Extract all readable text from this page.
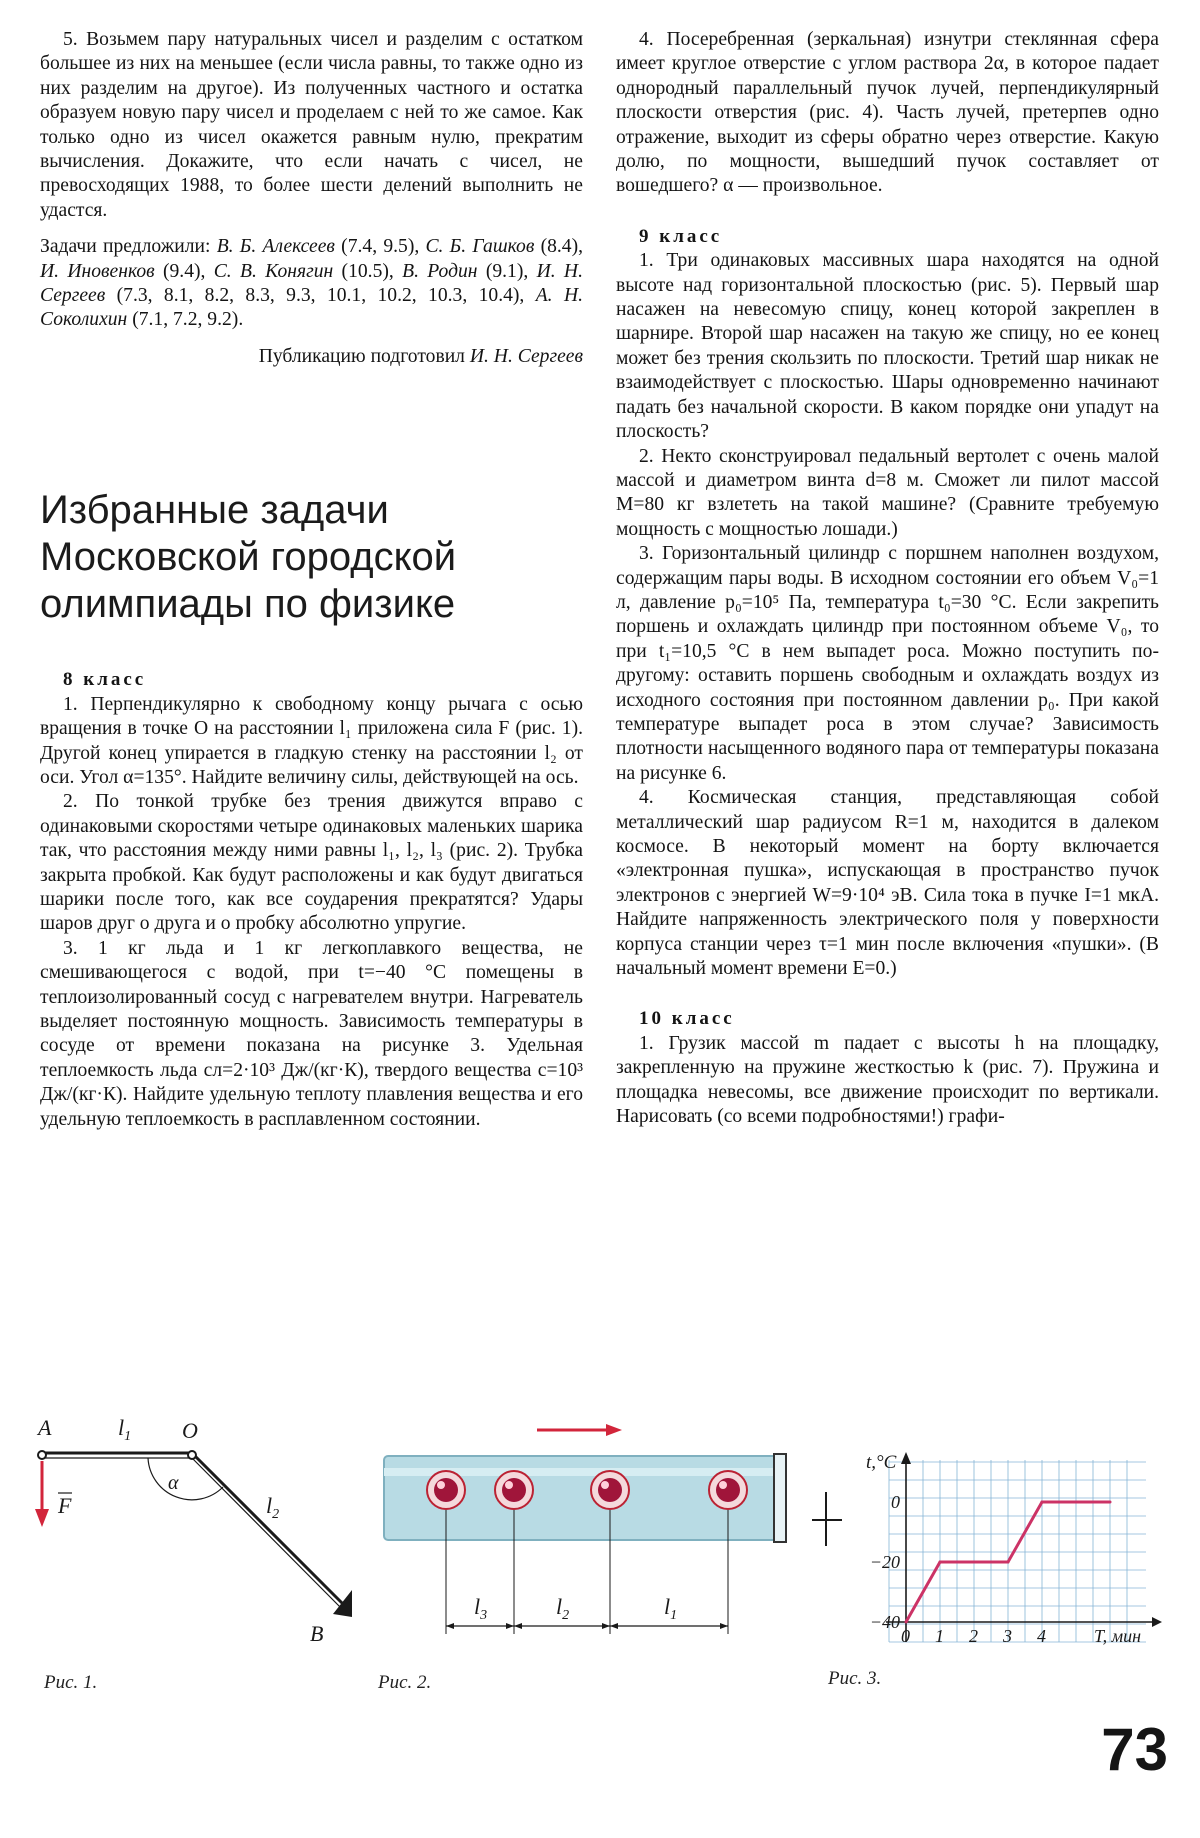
5. Возьмем пару натуральных чисел и разделим с остатком большее из них на меньшее (если числа равны, то также одно из них разделим на другое). Из полученных частного и остатка образуем новую пару чисел и проделаем с ней то же самое. Как только одно из чисел окажется равным нулю, прекратим вычисления. Докажите, что если начать с чисел, не превосходящих 1988, то более шести делений выполнить не удастся.

Задачи предложили: В. Б. Алексеев (7.4, 9.5), С. Б. Гашков (8.4), И. Иновенков (9.4), С. В. Конягин (10.5), В. Родин (9.1), И. Н. Сергеев (7.3, 8.1, 8.2, 8.3, 9.3, 10.1, 10.2, 10.3, 10.4), А. Н. Соколихин (7.1, 7.2, 9.2).

Публикацию подготовил И. Н. Сергеев

Избранные задачи Московской городской олимпиады по физике
8 класс

1. Перпендикулярно к свободному концу рычага с осью вращения в точке O на расстоянии l₁ приложена сила F (рис. 1). Другой конец упирается в гладкую стенку на расстоянии l₂ от оси. Угол α=135°. Найдите величину силы, действующей на ось.

2. По тонкой трубке без трения движутся вправо с одинаковыми скоростями четыре одинаковых маленьких шарика так, что расстояния между ними равны l₁, l₂, l₃ (рис. 2). Трубка закрыта пробкой. Как будут расположены и как будут двигаться шарики после того, как все соударения прекратятся? Удары шаров друг о друга и о пробку абсолютно упругие.

3. 1 кг льда и 1 кг легкоплавкого вещества, не смешивающегося с водой, при t=−40 °C помещены в теплоизолированный сосуд с нагревателем внутри. Нагреватель выделяет постоянную мощность. Зависимость температуры в сосуде от времени показана на рисунке 3. Удельная теплоемкость льда cл=2·10³ Дж/(кг·К), твердого вещества c=10³ Дж/(кг·К). Найдите удельную теплоту плавления вещества и его удельную теплоемкость в расплавленном состоянии.

4. Посеребренная (зеркальная) изнутри стеклянная сфера имеет круглое отверстие с углом раствора 2α, в которое падает однородный параллельный пучок лучей, перпендикулярный плоскости отверстия (рис. 4). Часть лучей, претерпев одно отражение, выходит из сферы обратно через отверстие. Какую долю, по мощности, вышедший пучок составляет от вошедшего? α — произвольное.

9 класс

1. Три одинаковых массивных шара находятся на одной высоте над горизонтальной плоскостью (рис. 5). Первый шар насажен на невесомую спицу, конец которой закреплен в шарнире. Второй шар насажен на такую же спицу, но ее конец может без трения скользить по плоскости. Третий шар никак не взаимодействует с плоскостью. Шары одновременно начинают падать без начальной скорости. В каком порядке они упадут на плоскость?

2. Некто сконструировал педальный вертолет с очень малой массой и диаметром винта d=8 м. Сможет ли пилот массой M=80 кг взлететь на такой машине? (Сравните требуемую мощность с мощностью лошади.)

3. Горизонтальный цилиндр с поршнем наполнен воздухом, содержащим пары воды. В исходном состоянии его объем V₀=1 л, давление p₀=10⁵ Па, температура t₀=30 °C. Если закрепить поршень и охлаждать цилиндр при постоянном объеме V₀, то при t₁=10,5 °C в нем выпадет роса. Можно поступить по-другому: оставить поршень свободным и охлаждать воздух из исходного состояния при постоянном давлении p₀. При какой температуре выпадет роса в этом случае? Зависимость плотности насыщенного водяного пара от температуры показана на рисунке 6.

4. Космическая станция, представляющая собой металлический шар радиусом R=1 м, находится в далеком космосе. В некоторый момент на борту включается «электронная пушка», испускающая в пространство пучок электронов с энергией W=9·10⁴ эВ. Сила тока в пучке I=1 мкА. Найдите напряженность электрического поля у поверхности корпуса станции через τ=1 мин после включения «пушки». (В начальный момент времени E=0.)

10 класс

1. Грузик массой m падает с высоты h на площадку, закрепленную на пружине жесткостью k (рис. 7). Пружина и площадка невесомы, все движение происходит по вертикали. Нарисовать (со всеми подробностями!) графи-

A	$l_1$ O
α
$l_2$
F
B
Рис. 1.
$l_3$	$l_2$	$l_1$
Рис. 2.
0 1 2 3 4
0
−20
−40
t,°C
T, мин
Рис. 3.
73
